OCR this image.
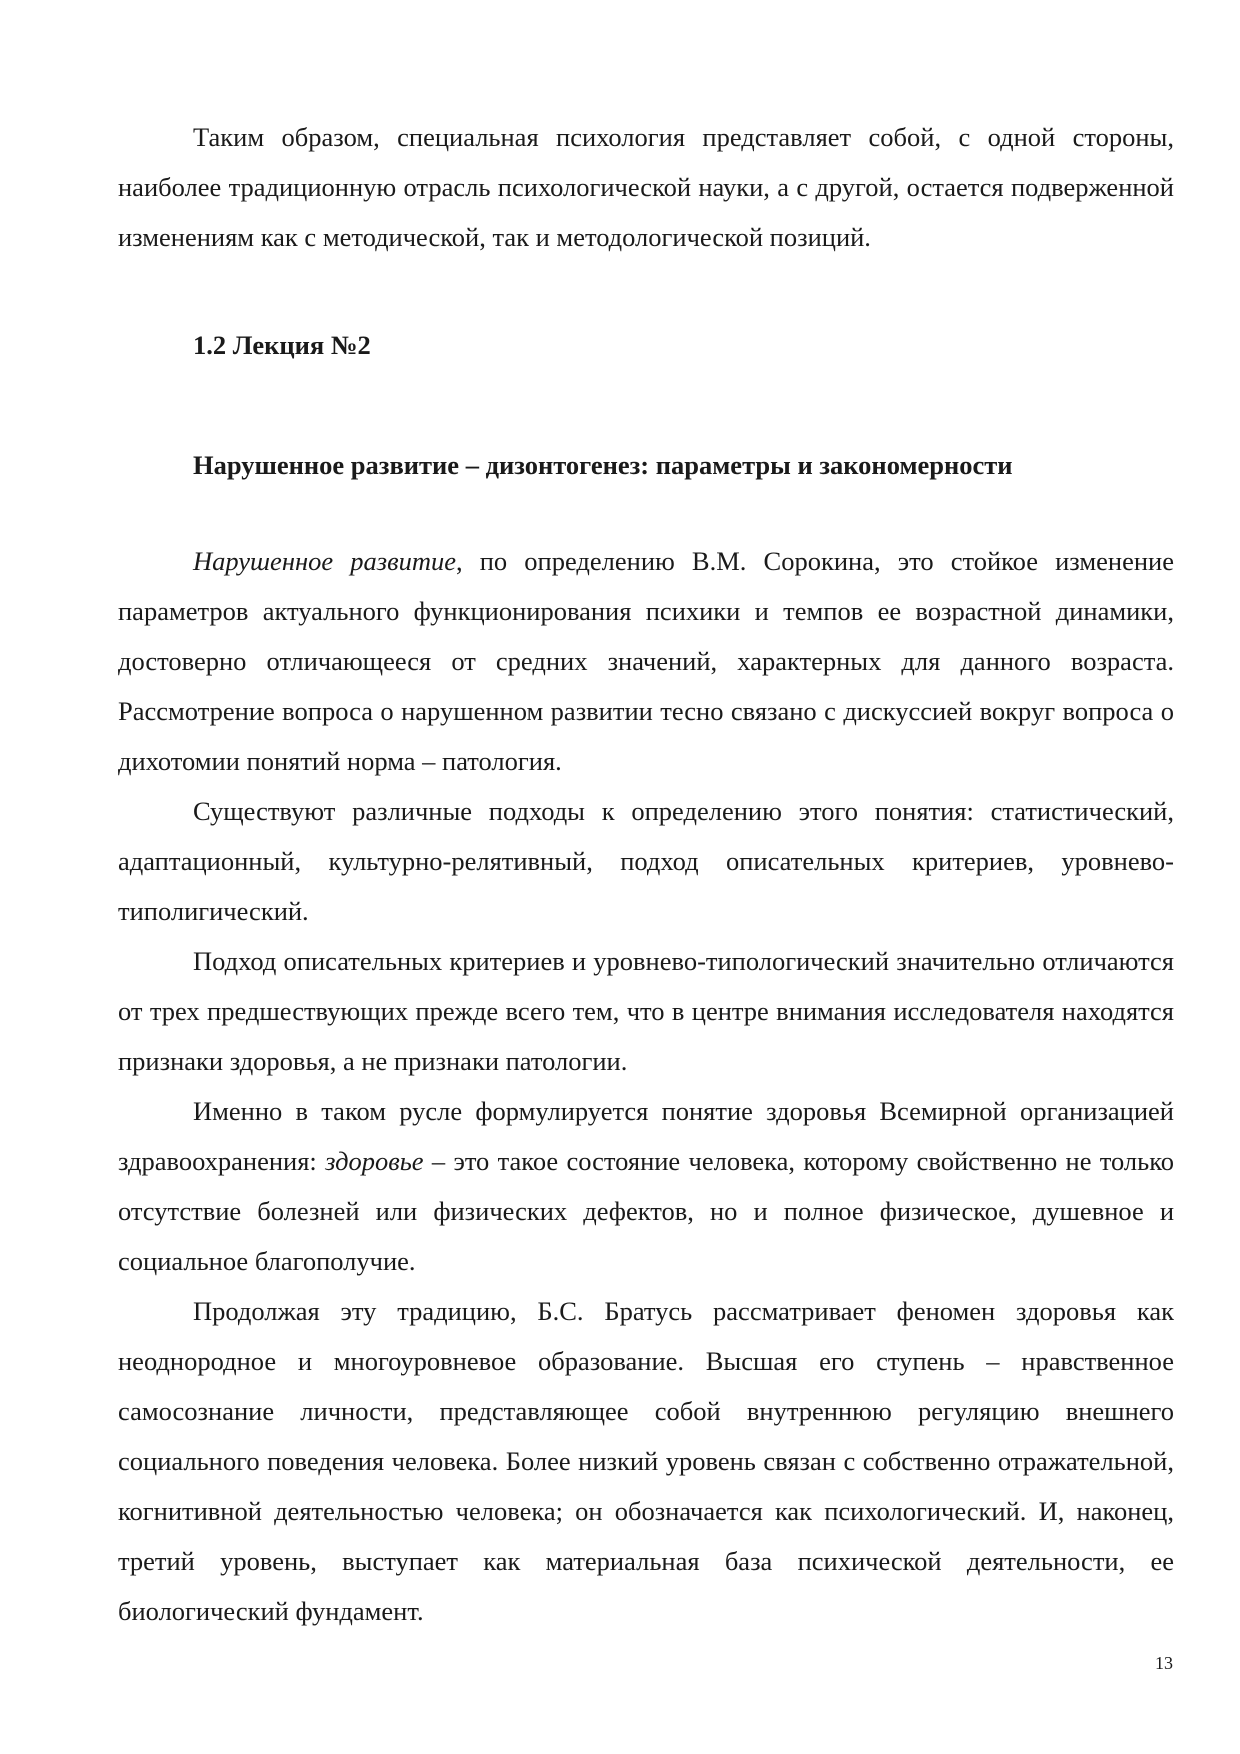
Таким образом, специальная психология представляет собой, с одной стороны, наиболее традиционную отрасль психологической науки, а с другой, остается подверженной изменениям как с методической, так и методологической позиций.

1.2 Лекция №2
Нарушенное развитие – дизонтогенез: параметры и закономерности

Нарушенное развитие, по определению В.М. Сорокина, это стойкое изменение параметров актуального функционирования психики и темпов ее возрастной динамики, достоверно отличающееся от средних значений, характерных для данного возраста. Рассмотрение вопроса о нарушенном развитии тесно связано с дискуссией вокруг вопроса о дихотомии понятий норма – патология.

Существуют различные подходы к определению этого понятия: статистический, адаптационный, культурно-релятивный, подход описательных критериев, уровнево-типолигический.

Подход описательных критериев и уровнево-типологический значительно отличаются от трех предшествующих прежде всего тем, что в центре внимания исследователя находятся признаки здоровья, а не признаки патологии.

Именно в таком русле формулируется понятие здоровья Всемирной организацией здравоохранения: здоровье – это такое состояние человека, которому свойственно не только отсутствие болезней или физических дефектов, но и полное физическое, душевное и социальное благополучие.

Продолжая эту традицию, Б.С. Братусь рассматривает феномен здоровья как неоднородное и многоуровневое образование. Высшая его ступень – нравственное самосознание личности, представляющее собой внутреннюю регуляцию внешнего социального поведения человека. Более низкий уровень связан с собственно отражательной, когнитивной деятельностью человека; он обозначается как психологический. И, наконец, третий уровень, выступает как материальная база психической деятельности, ее биологический фундамент.

13
